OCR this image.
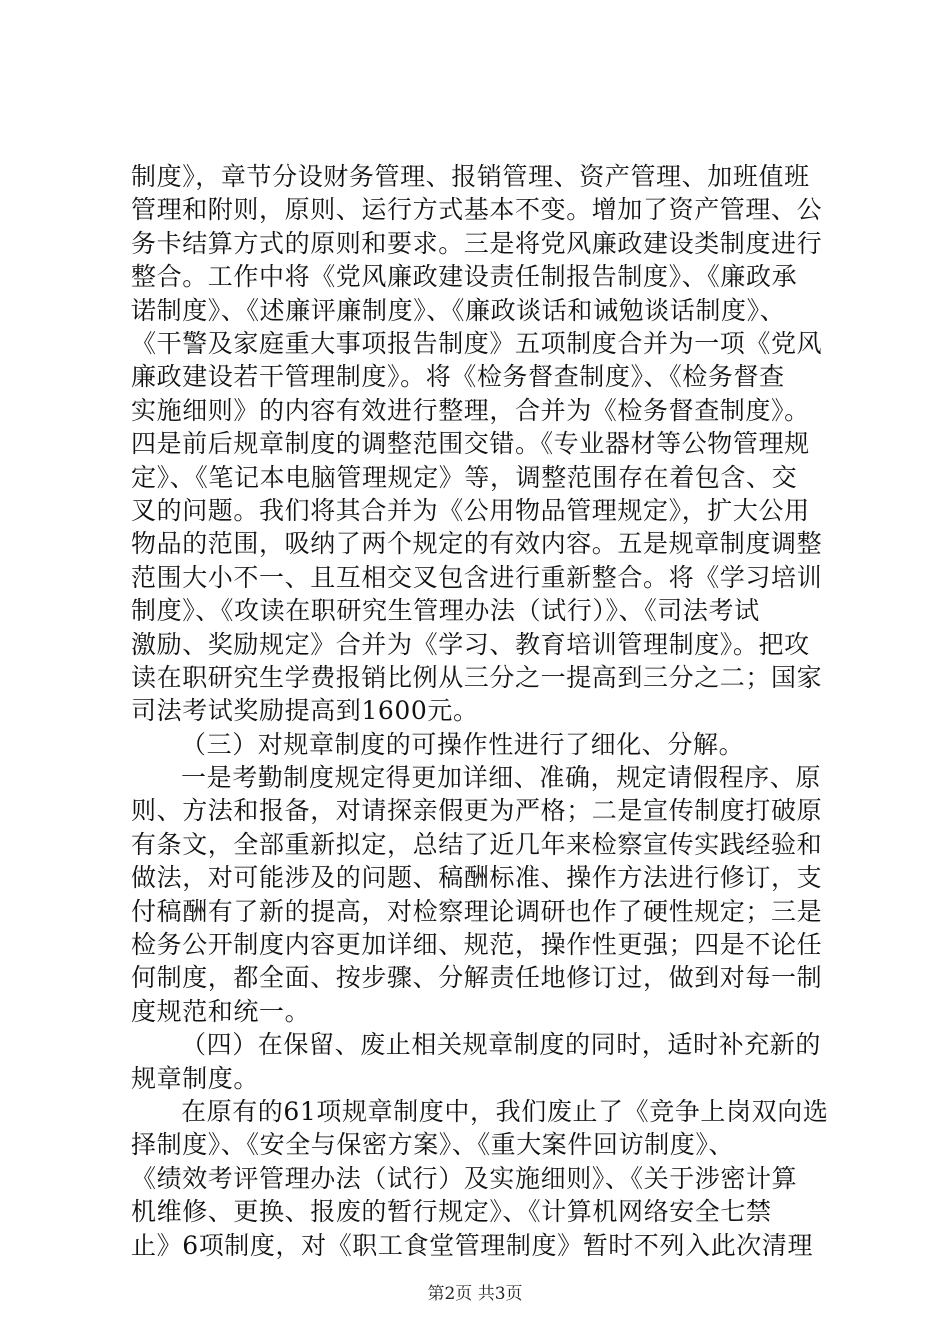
制度》，章节分设财务管理、报销管理、资产管理、加班值班
管理和附则，原则、运行方式基本不变。增加了资产管理、公
务卡结算方式的原则和要求。三是将党风廉政建设类制度进行
整合。工作中将《党风廉政建设责任制报告制度》、《廉政承
诺制度》、《述廉评廉制度》、《廉政谈话和诫勉谈话制度》、
《干警及家庭重大事项报告制度》五项制度合并为一项《党风
廉政建设若干管理制度》。将《检务督查制度》、《检务督查
实施细则》的内容有效进行整理，合并为《检务督查制度》。
四是前后规章制度的调整范围交错。《专业器材等公物管理规
定》、《笔记本电脑管理规定》等，调整范围存在着包含、交
叉的问题。我们将其合并为《公用物品管理规定》，扩大公用
物品的范围，吸纳了两个规定的有效内容。五是规章制度调整
范围大小不一、且互相交叉包含进行重新整合。将《学习培训
制度》、《攻读在职研究生管理办法（试行）》、《司法考试
激励、奖励规定》合并为《学习、教育培训管理制度》。把攻
读在职研究生学费报销比例从三分之一提高到三分之二；国家
司法考试奖励提高到1600元。
（三）对规章制度的可操作性进行了细化、分解。
一是考勤制度规定得更加详细、准确，规定请假程序、原
则、方法和报备，对请探亲假更为严格；二是宣传制度打破原
有条文，全部重新拟定，总结了近几年来检察宣传实践经验和
做法，对可能涉及的问题、稿酬标准、操作方法进行修订，支
付稿酬有了新的提高，对检察理论调研也作了硬性规定；三是
检务公开制度内容更加详细、规范，操作性更强；四是不论任
何制度，都全面、按步骤、分解责任地修订过，做到对每一制
度规范和统一。
（四）在保留、废止相关规章制度的同时，适时补充新的
规章制度。
在原有的61项规章制度中，我们废止了《竞争上岗双向选
择制度》、《安全与保密方案》、《重大案件回访制度》、
《绩效考评管理办法（试行）及实施细则》、《关于涉密计算
机维修、更换、报废的暂行规定》、《计算机网络安全七禁
止》6项制度，对《职工食堂管理制度》暂时不列入此次清理
第2页 共3页
